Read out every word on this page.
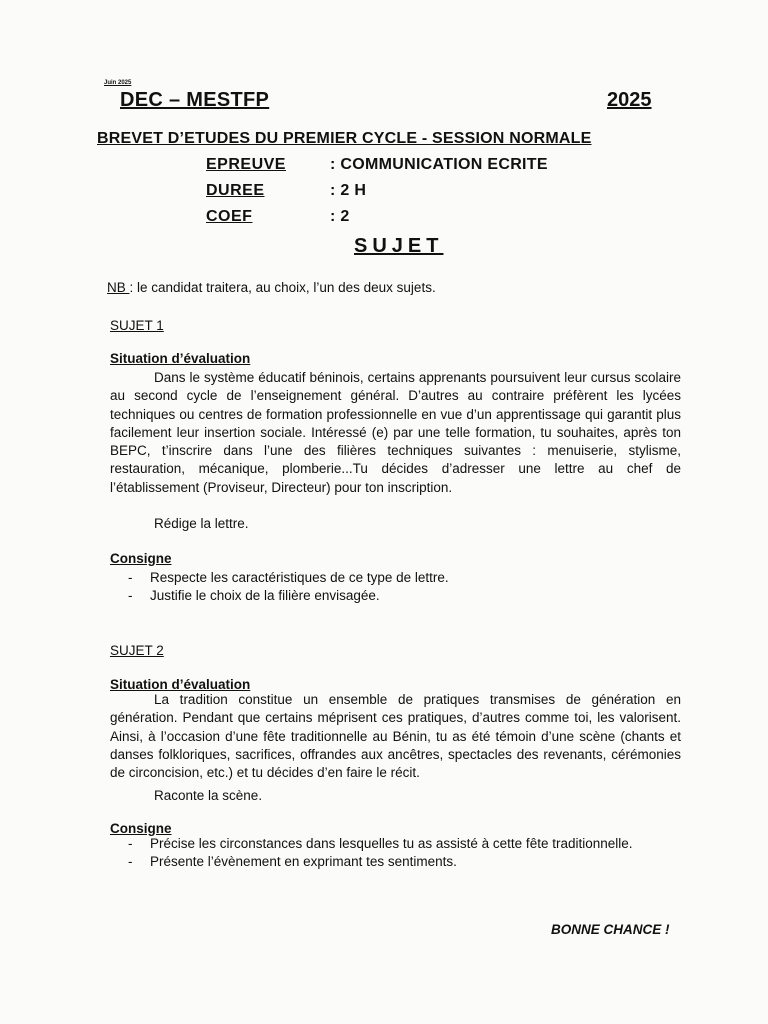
Juin 2025
DEC – MESTFP	2025
BREVET D’ETUDES DU PREMIER CYCLE - SESSION NORMALE
EPREUVE	: COMMUNICATION ECRITE
DUREE	: 2 H
COEF	: 2
SUJET
NB : le candidat traitera, au choix, l’un des deux sujets.
SUJET 1
Situation d’évaluation
Dans le système éducatif béninois, certains apprenants poursuivent leur cursus scolaire au second cycle de l’enseignement général. D’autres au contraire préfèrent les lycées techniques ou centres de formation professionnelle en vue d’un apprentissage qui garantit plus facilement leur insertion sociale. Intéressé (e) par une telle formation, tu souhaites, après ton BEPC, t’inscrire dans l’une des filières techniques suivantes : menuiserie, stylisme, restauration, mécanique, plomberie...Tu décides d’adresser une lettre au chef de l’établissement (Proviseur, Directeur) pour ton inscription.
Rédige la lettre.
Consigne
- Respecte les caractéristiques de ce type de lettre.
- Justifie le choix de la filière envisagée.
SUJET 2
Situation d’évaluation
La tradition constitue un ensemble de pratiques transmises de génération en génération. Pendant que certains méprisent ces pratiques, d’autres comme toi, les valorisent. Ainsi, à l’occasion d’une fête traditionnelle au Bénin, tu as été témoin d’une scène (chants et danses folkloriques, sacrifices, offrandes aux ancêtres, spectacles des revenants, cérémonies de circoncision, etc.) et tu décides d’en faire le récit.
Raconte la scène.
Consigne
- Précise les circonstances dans lesquelles tu as assisté à cette fête traditionnelle.
- Présente l’évènement en exprimant tes sentiments.
BONNE CHANCE !
